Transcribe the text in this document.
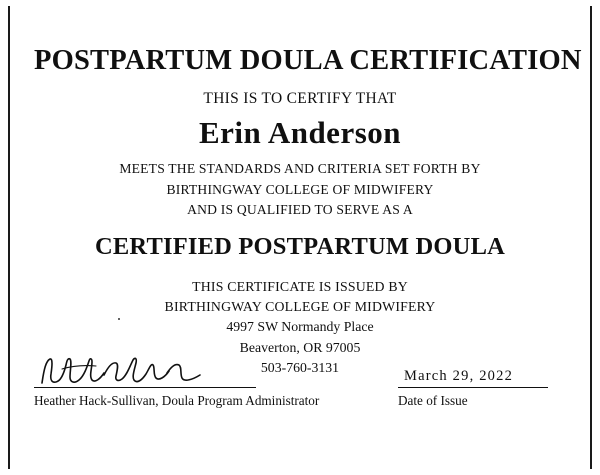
POSTPARTUM DOULA CERTIFICATION

THIS IS TO CERTIFY THAT

Erin Anderson

MEETS THE STANDARDS AND CRITERIA SET FORTH BY

BIRTHINGWAY COLLEGE OF MIDWIFERY

AND IS QUALIFIED TO SERVE AS A

CERTIFIED POSTPARTUM DOULA

THIS CERTIFICATE IS ISSUED BY

BIRTHINGWAY COLLEGE OF MIDWIFERY

4997 SW Normandy Place

Beaverton, OR 97005

503-760-3131

Heather Hack-Sullivan, Doula Program Administrator
March 29, 2022
Date of Issue
